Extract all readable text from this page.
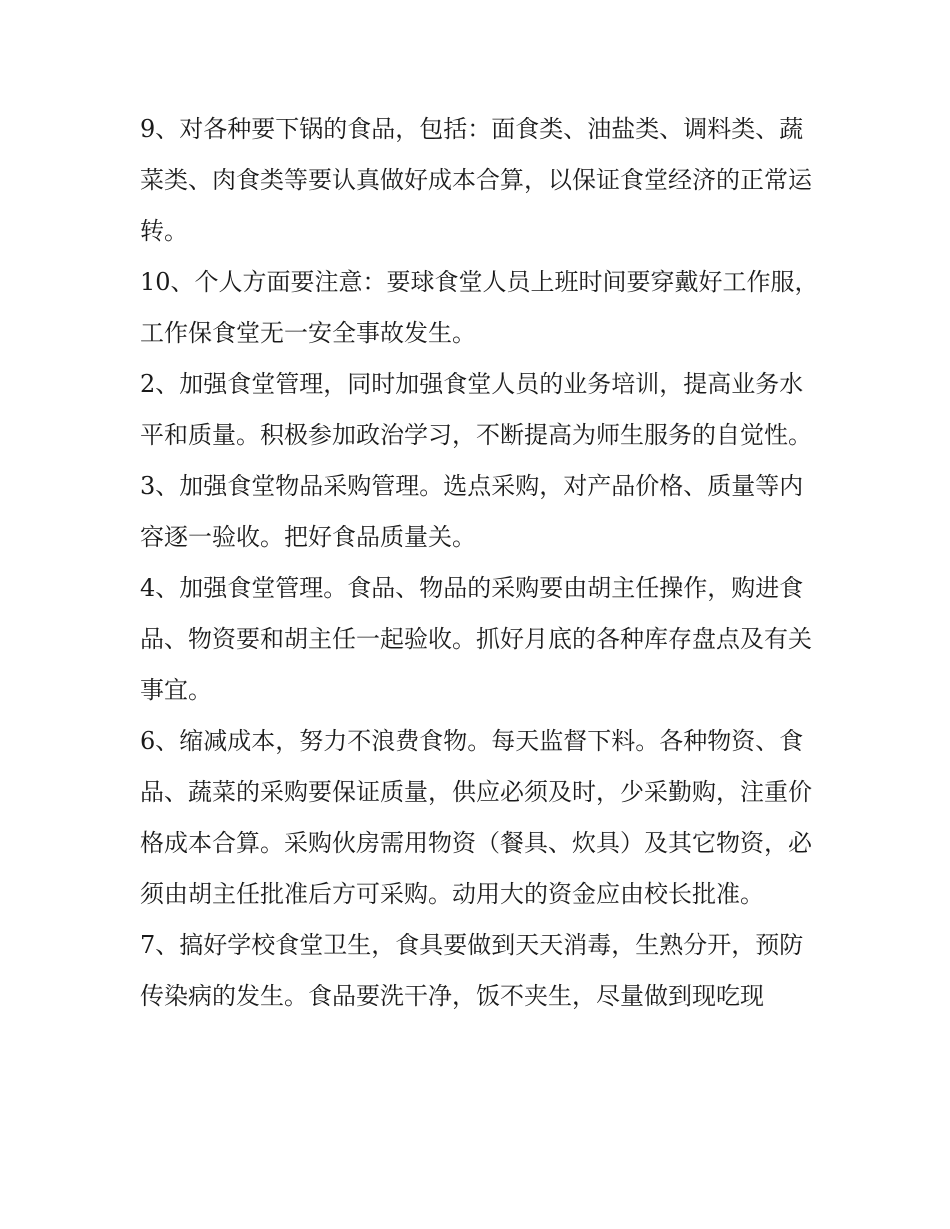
9、对各种要下锅的食品，包括：面食类、油盐类、调料类、蔬菜类、肉食类等要认真做好成本合算，以保证食堂经济的正常运转。

10、个人方面要注意：要球食堂人员上班时间要穿戴好工作服，工作保食堂无一安全事故发生。

2、加强食堂管理，同时加强食堂人员的业务培训，提高业务水平和质量。积极参加政治学习，不断提高为师生服务的自觉性。

3、加强食堂物品采购管理。选点采购，对产品价格、质量等内容逐一验收。把好食品质量关。

4、加强食堂管理。食品、物品的采购要由胡主任操作，购进食品、物资要和胡主任一起验收。抓好月底的各种库存盘点及有关事宜。

6、缩减成本，努力不浪费食物。每天监督下料。各种物资、食品、蔬菜的采购要保证质量，供应必须及时，少采勤购，注重价格成本合算。采购伙房需用物资（餐具、炊具）及其它物资，必须由胡主任批准后方可采购。动用大的资金应由校长批准。

7、搞好学校食堂卫生，食具要做到天天消毒，生熟分开，预防传染病的发生。食品要洗干净，饭不夹生，尽量做到现吃现
